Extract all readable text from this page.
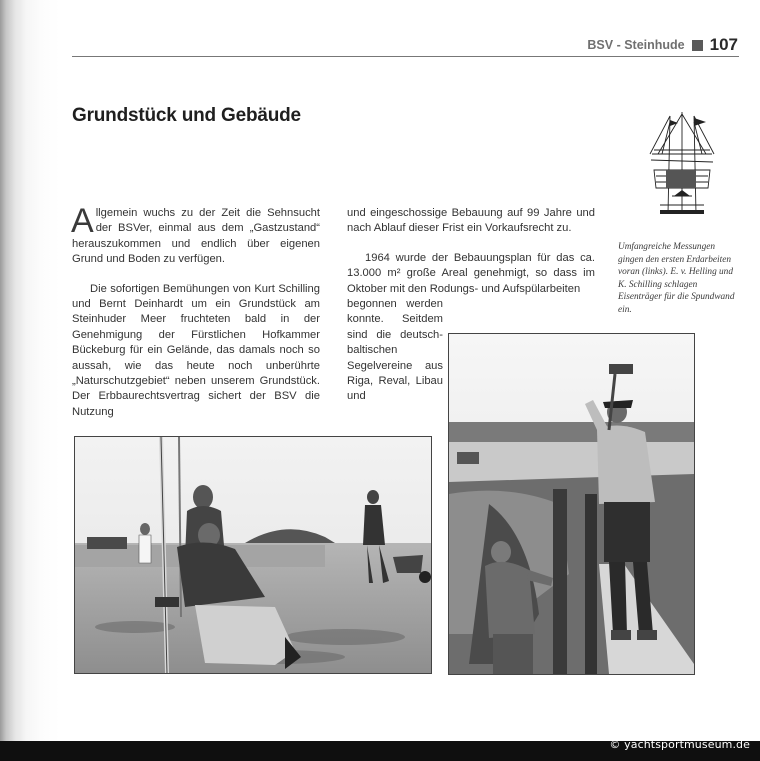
BSV - Steinhude 107
Grundstück und Gebäude

Allgemein wuchs zu der Zeit die Sehnsucht der BSVer, einmal aus dem „Gastzustand“ herauszukommen und endlich über eigenen Grund und Boden zu verfügen.

Die sofortigen Bemühungen von Kurt Schilling und Bernt Deinhardt um ein Grundstück am Steinhuder Meer fruchteten bald in der Genehmigung der Fürstlichen Hofkammer Bückeburg für ein Gelände, das damals noch so aussah, wie das heute noch unberührte „Naturschutzgebiet“ neben unserem Grundstück. Der Erbbaurechtsvertrag sichert der BSV die Nutzung

und eingeschossige Bebauung auf 99 Jahre und nach Ablauf dieser Frist ein Vorkaufsrecht zu.

1964 wurde der Bebauungsplan für das ca. 13.000 m² große Areal genehmigt, so dass im Oktober mit den Rodungs- und Aufspülarbeiten

begonnen werden konnte. Seitdem sind die deutsch-baltischen Segelvereine aus Riga, Reval, Libau und

Umfangreiche Messungen gingen den ersten Erdarbeiten voran (links). E. v. Helling und K. Schilling schlagen Eisenträger für die Spundwand ein.
© yachtsportmuseum.de
